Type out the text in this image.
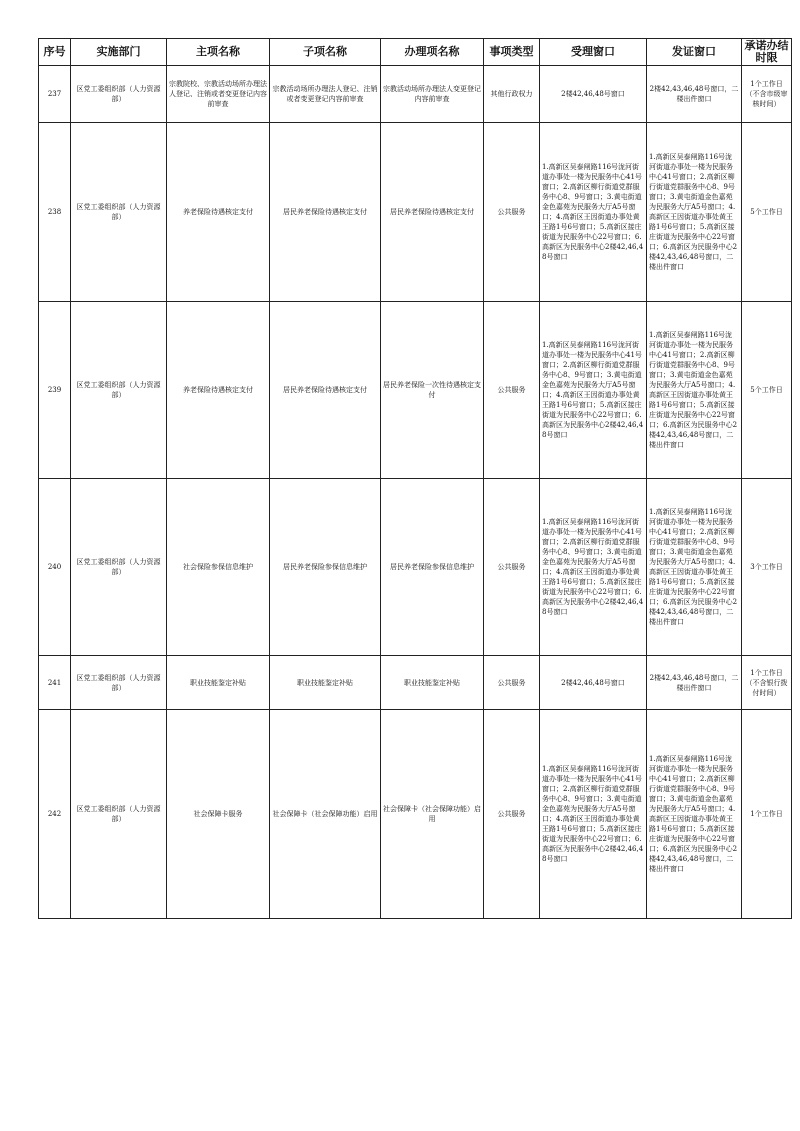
序号	实施部门	主项名称	子项名称	办理项名称	事项类型	受理窗口	发证窗口	承诺办结时限
237	区党工委组织部（人力资源部）	宗教院校、宗教活动场所办理法人登记、注销或者变更登记内容前审查	宗教活动场所办理法人登记、注销或者变更登记内容前审查	宗教活动场所办理法人变更登记内容前审查	其他行政权力	2楼42,46,48号窗口	2楼42,43,46,48号窗口，二楼出件窗口	1个工作日（不含市级审核时间）
238	区党工委组织部（人力资源部）	养老保险待遇核定支付	居民养老保险待遇核定支付	居民养老保险待遇核定支付	公共服务	1.高新区吴泰闸路116号泷河街道办事处一楼为民服务中心41号窗口；2.高新区柳行街道党群服务中心8、9号窗口；3.黄屯街道金色嘉苑为民服务大厅A5号窗口；4.高新区王因街道办事处黄王路1号6号窗口；5.高新区接庄街道为民服务中心22号窗口；6.高新区为民服务中心2楼42,46,48号窗口	1.高新区吴泰闸路116号泷河街道办事处一楼为民服务中心41号窗口；2.高新区柳行街道党群服务中心8、9号窗口；3.黄屯街道金色嘉苑为民服务大厅A5号窗口；4.高新区王因街道办事处黄王路1号6号窗口；5.高新区接庄街道为民服务中心22号窗口；6.高新区为民服务中心2楼42,43,46,48号窗口，二楼出件窗口	5个工作日
239	区党工委组织部（人力资源部）	养老保险待遇核定支付	居民养老保险待遇核定支付	居民养老保险一次性待遇核定支付	公共服务	1.高新区吴泰闸路116号泷河街道办事处一楼为民服务中心41号窗口；2.高新区柳行街道党群服务中心8、9号窗口；3.黄屯街道金色嘉苑为民服务大厅A5号窗口；4.高新区王因街道办事处黄王路1号6号窗口；5.高新区接庄街道为民服务中心22号窗口；6.高新区为民服务中心2楼42,46,48号窗口	1.高新区吴泰闸路116号泷河街道办事处一楼为民服务中心41号窗口；2.高新区柳行街道党群服务中心8、9号窗口；3.黄屯街道金色嘉苑为民服务大厅A5号窗口；4.高新区王因街道办事处黄王路1号6号窗口；5.高新区接庄街道为民服务中心22号窗口；6.高新区为民服务中心2楼42,43,46,48号窗口，二楼出件窗口	5个工作日
240	区党工委组织部（人力资源部）	社会保险参保信息维护	居民养老保险参保信息维护	居民养老保险参保信息维护	公共服务	1.高新区吴泰闸路116号泷河街道办事处一楼为民服务中心41号窗口；2.高新区柳行街道党群服务中心8、9号窗口；3.黄屯街道金色嘉苑为民服务大厅A5号窗口；4.高新区王因街道办事处黄王路1号6号窗口；5.高新区接庄街道为民服务中心22号窗口；6.高新区为民服务中心2楼42,46,48号窗口	1.高新区吴泰闸路116号泷河街道办事处一楼为民服务中心41号窗口；2.高新区柳行街道党群服务中心8、9号窗口；3.黄屯街道金色嘉苑为民服务大厅A5号窗口；4.高新区王因街道办事处黄王路1号6号窗口；5.高新区接庄街道为民服务中心22号窗口；6.高新区为民服务中心2楼42,43,46,48号窗口，二楼出件窗口	3个工作日
241	区党工委组织部（人力资源部）	职业技能鉴定补贴	职业技能鉴定补贴	职业技能鉴定补贴	公共服务	2楼42,46,48号窗口	2楼42,43,46,48号窗口，二楼出件窗口	1个工作日（不含银行拨付时间）
242	区党工委组织部（人力资源部）	社会保障卡服务	社会保障卡（社会保障功能）启用	社会保障卡（社会保障功能）启用	公共服务	1.高新区吴泰闸路116号泷河街道办事处一楼为民服务中心41号窗口；2.高新区柳行街道党群服务中心8、9号窗口；3.黄屯街道金色嘉苑为民服务大厅A5号窗口；4.高新区王因街道办事处黄王路1号6号窗口；5.高新区接庄街道为民服务中心22号窗口；6.高新区为民服务中心2楼42,46,48号窗口	1.高新区吴泰闸路116号泷河街道办事处一楼为民服务中心41号窗口；2.高新区柳行街道党群服务中心8、9号窗口；3.黄屯街道金色嘉苑为民服务大厅A5号窗口；4.高新区王因街道办事处黄王路1号6号窗口；5.高新区接庄街道为民服务中心22号窗口；6.高新区为民服务中心2楼42,43,46,48号窗口，二楼出件窗口	1个工作日
